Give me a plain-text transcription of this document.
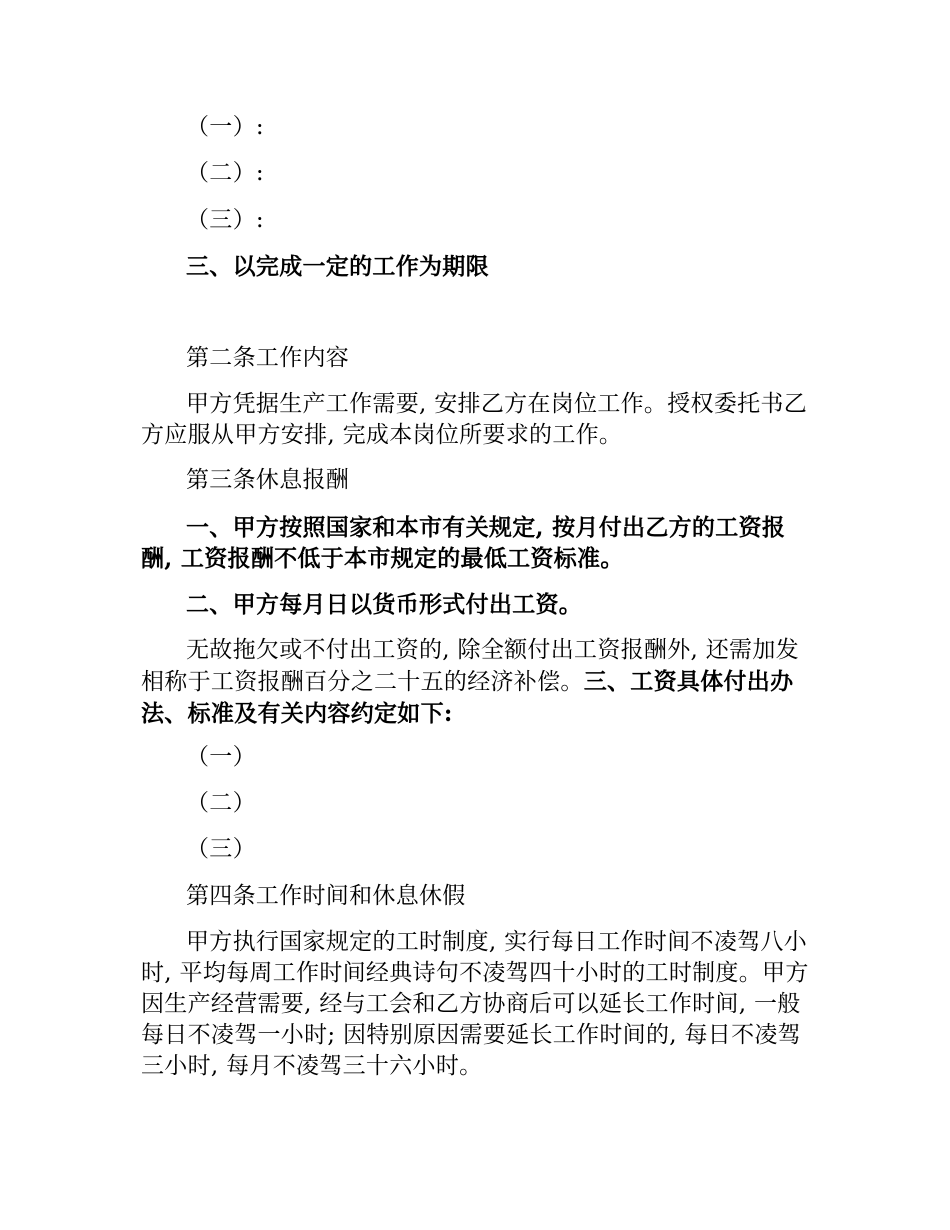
（一）:

（二）:

（三）:

三、以完成一定的工作为期限

第二条工作内容

甲方凭据生产工作需要, 安排乙方在岗位工作。授权委托书乙方应服从甲方安排, 完成本岗位所要求的工作。

第三条休息报酬

一、甲方按照国家和本市有关规定, 按月付出乙方的工资报酬, 工资报酬不低于本市规定的最低工资标准。

二、甲方每月日以货币形式付出工资。

无故拖欠或不付出工资的, 除全额付出工资报酬外, 还需加发相称于工资报酬百分之二十五的经济补偿。三、工资具体付出办法、标准及有关内容约定如下:

（一）

（二）

（三）

第四条工作时间和休息休假

甲方执行国家规定的工时制度, 实行每日工作时间不凌驾八小时, 平均每周工作时间经典诗句不凌驾四十小时的工时制度。甲方因生产经营需要, 经与工会和乙方协商后可以延长工作时间, 一般每日不凌驾一小时; 因特别原因需要延长工作时间的, 每日不凌驾三小时, 每月不凌驾三十六小时。
